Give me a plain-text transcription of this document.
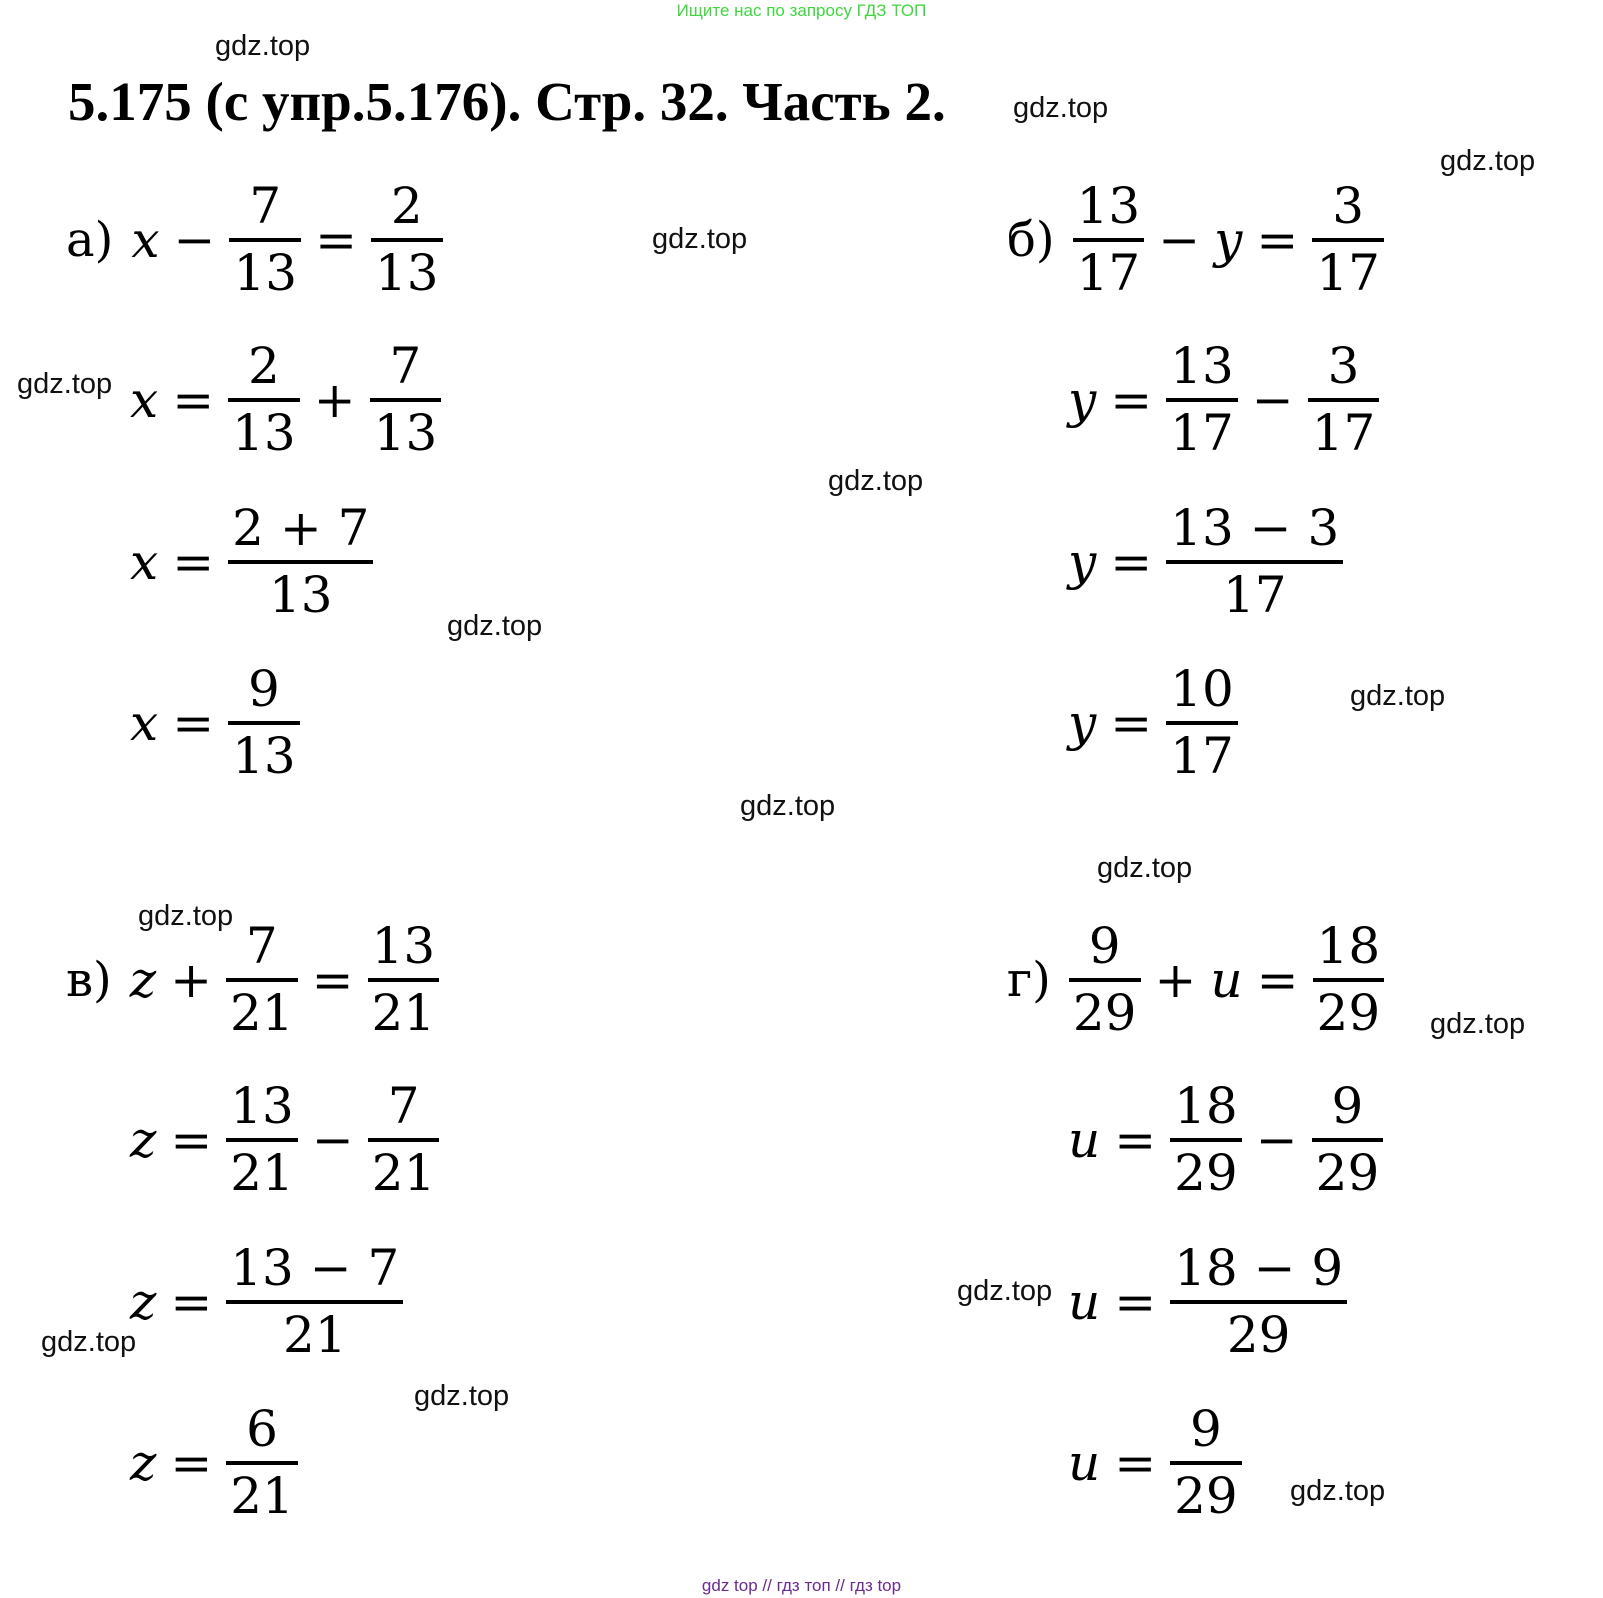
Ищите нас по запросу ГДЗ ТОП
gdz top // гдз топ // гдз top
5.175 (с упр.5.176). Стр. 32. Часть 2.
gdz.top
gdz.top
gdz.top
gdz.top
gdz.top
gdz.top
gdz.top
gdz.top
gdz.top
gdz.top
gdz.top
gdz.top
gdz.top
gdz.top
gdz.top
gdz.top
а) $x - \frac{7}{13} = \frac{2}{13}$
$x = \frac{2}{13} + \frac{7}{13}$
$x = \frac{2 + 7}{13}$
$x = \frac{9}{13}$
$б) \frac{13}{17} - y = \frac{3}{17}$
$y = \frac{13}{17} - \frac{3}{17}$
$y = \frac{13 - 3}{17}$
$y = \frac{10}{17}$
в) $z + \frac{7}{21} = \frac{13}{21}$
$z = \frac{13}{21} - \frac{7}{21}$
$z = \frac{13 - 7}{21}$
$z = \frac{6}{21}$
$г) \frac{9}{29} + u = \frac{18}{29}$
$u = \frac{18}{29} - \frac{9}{29}$
$u = \frac{18 - 9}{29}$
$u = \frac{9}{29}$
